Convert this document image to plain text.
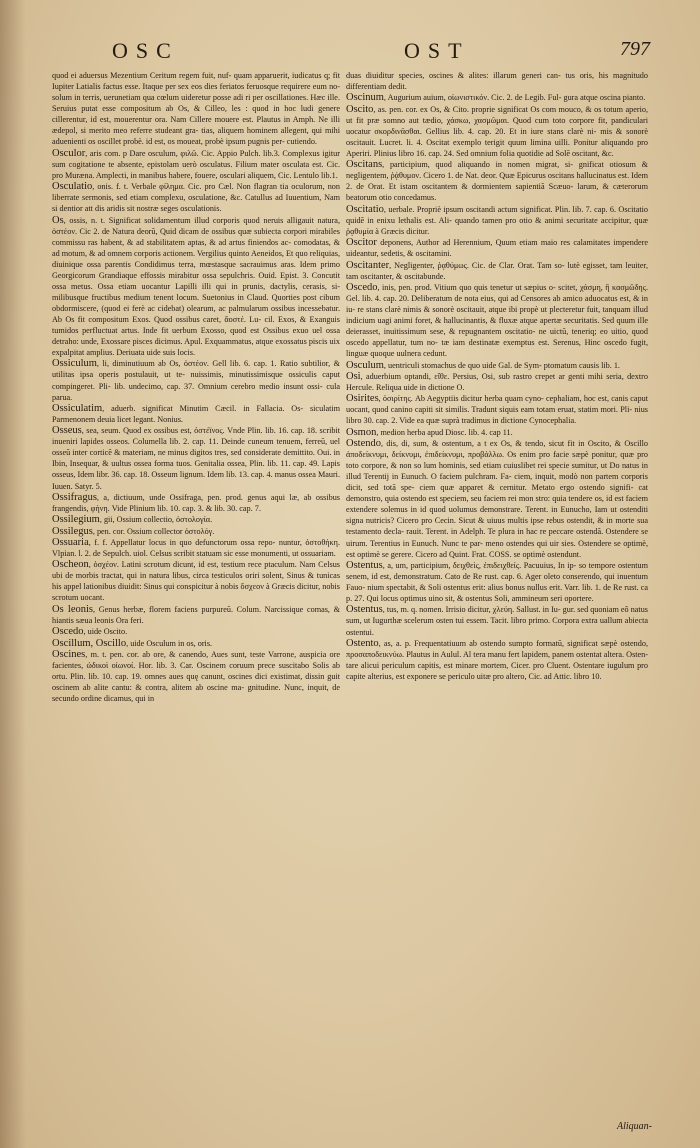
OSC	OST	797

quod ei aduersus Mezentium Ceritum regem fuit, nuf- quam apparuerit, iudicatus q; fit Iupiter Latialis factus esse. Itaque per sex eos dies feriatos feruosque requirere eum no- solum in terris, uerunetiam qua cœlum uideretur posse adi ri per oscillationes. Hæc ille. Seruius putat esse compositum ab Os, & Cilleo, les : quod in hoc ludi genere cillerentur, id est, mouerentur ora. Nam Cillere mouere est. Plautus in Amph. Ne illi ædepol, si merito meo referre studeant gra- tias, aliquem hominem allegent, qui mihi aduenienti os oscillet probè. id est, os moueat, probè ipsum pugnis per- cutiendo.

Osculor, aris com. p Dare osculum, φιλῶ. Cic. Appio Pulch. lib.3. Complexus igitur sum cogitatione te absente, epistolam uerò osculatus. Filium mater osculata est. Cic. pro Muræna. Amplecti, in manibus habere, fouere, osculari aliquem, Cic. Lentulo lib.1.

Osculatio, onis. f. t. Verbale φίλημα. Cic. pro Cæl. Non flagran tia oculorum, non liberrate sermonis, sed etiam complexu, osculatione, &c. Catullus ad Iuuentium, Nam si dentior att dis aridis sit nostræ seges osculationis.

Os, ossis, n. t. Significat solidamentum illud corporis quod neruis alligauit natura, ὀστέον. Cic 2. de Natura deorũ, Quid dicam de ossibus quæ subiecta corpori mirabiles commissu ras habent, & ad stabilitatem aptas, & ad artus finiendos ac- comodatas, & ad motum, & ad omnem corporis actionem. Vergilius quinto Aeneidos, Et quo reliquias, diuinique ossa parentis Condidimus terra, mœstasque sacrauimus aras. Idem primo Georgicorum Grandiaque effossis mirabitur ossa sepulchris. Ouid. Epist. 3. Concutit ossa metus. Ossa etiam uocantur Lapilli illi qui in prunis, dactylis, cerasis, si- milibusque fructibus medium tenent locum. Suetonius in Claud. Quorties post cibum obdormiscere, (quod ei ferè ac cidebat) olearum, ac palmularum ossibus incessebatur. Ab Os fit compositum Exos. Quod ossibus caret, ἄοστέ. Lu- cil. Exos, & Exanguis tumidos perfluctuat artus. Inde fit uerbum Exosso, quod est Ossibus exuo uel ossa detraho: unde, Exossare pisces dicimus. Apul. Exquammatus, atque exossatus piscis uix expalpitat amplius. Deriuata uide suis locis.

Ossiculum, li, diminutiuum ab Os, ὀστέον. Gell lib. 6. cap. 1. Ratio subtilior, & utilitas ipsa operis postulauit, ut te- nuissimis, minutissimisque ossiculis caput compingeret. Pli- lib. undecimo, cap. 37. Omnium cerebro medio insunt ossi- cula parua.

Ossiculatim, aduerb. significat Minutim Cæcil. in Fallacia. Os- siculatim Parmenonem deuia licet legant. Nonius.

Osseus, sea, seum. Quod ex ossibus est, ὀστέϊνος. Vnde Plin. lib. 16. cap. 18. scribit inueniri lapides osseos. Columella lib. 2. cap. 11. Deinde cuneum tenuem, ferreũ, uel osseũ inter corticẽ & materiam, ne minus digitos tres, sed considerate demittito. Oui. in Ibin, Insequar, & uultus ossea forma tuos. Genitalia ossea, Plin. lib. 11. cap. 49. Lapis osseus, Idem libr. 36. cap. 18. Osseum lignum. Idem lib. 13. cap. 4. manus ossea Mauri. Iuuen. Satyr. 5.

Ossifragus, a, dictiuum, unde Ossifraga, pen. prod. genus aqui læ, ab ossibus frangendis, φήνη. Vide Plinium lib. 10. cap. 3. & lib. 30. cap. 7.

Ossilegium, gii, Ossium collectio, ὀστολογία.

Ossilegus, pen. cor. Ossium collector ὀστολόγ.

Ossuaria, f. f. Appellatur locus in quo defunctorum ossa repo- nuntur, ὀστοθήκη. Vlpian. l. 2. de Sepulch. uiol. Celsus scribit statuam sic esse monumenti, ut ossuariam.

Oscheon, ὀσχέον. Latini scrotum dicunt, id est, testium rece ptaculum. Nam Celsus ubi de morbis tractat, qui in natura libus, circa testiculos oriri solent, Sinus & tunicas his appel lationibus diuidit: Sinus qui conspicitur à nobis ὄσχεον à Græcis dicitur, nobis scrotum uocant.

Os leonis, Genus herbæ, florem faciens purpureũ. Colum. Narcissique comas, & hiantis sæua leonis Ora feri.

Oscedo, uide Oscito.

Oscillum, Oscillo, uide Osculum in os, oris.

Oscines, m. t. pen. cor. ab ore, & canendo, Aues sunt, teste Varrone, auspicia ore facientes, ὠδικοὶ οἰωνοί. Hor. lib. 3. Car. Oscinem coruum prece suscitabo Solis ab ortu. Plin. lib. 10. cap. 19. omnes aues quę canunt, oscines dici existimat, dissin guit oscinem ab alite cantu: & contra, alitem ab oscine ma- gnitudine. Nunc, inquit, de secundo ordine dicamus, qui in

duas diuiditur species, oscines & alites: illarum generi can- tus oris, his magnitudo differentiam dedit.

Oscinum, Augurium auium, οἰωνιστικόν. Cic. 2. de Legib. Ful- gura atque oscina pianto.

Oscito, as. pen. cor. ex Os, & Cito. proprie significat Os com mouco, & os totum aperio, ut fit præ somno aut tædio, χάσκω, χασμῶμαι. Quod cum toto corpore fit, pandiculari uocatur σκορδινᾶσθαι. Gellius lib. 4. cap. 20. Et in iure stans clarè ni- mis & sonorè oscitauit. Lucret. li. 4. Oscitat exemplo terigit quum limina uilli. Ponitur aliquando pro Aperiri. Plinius libro 16. cap. 24. Sed omnium folia quotidie ad Solē oscitant, &c.

Oscitans, participium, quod aliquando in nomen migrat, si- gnificat otiosum & negligentem, ῥᾴθυμον. Cicero 1. de Nat. deor. Quæ Epicurus oscitans hallucinatus est. Idem 2. de Orat. Et istam oscitantem & dormientem sapientiã Scæuo- larum, & cæterorum beatorum otio concedamus.

Oscitatio, uerbale. Propriè ipsum oscitandi actum significat. Plin. lib. 7. cap. 6. Oscitatio quidē in enixu lethalis est. Ali- quando tamen pro otio & animi securitate accipitur, quæ ῥᾳθυμία à Græcis dicitur.

Oscitor deponens, Author ad Herennium, Quum etiam maio res calamitates impendere uideantur, sedetis, & oscitamini.

Oscitanter, Negligenter, ῥᾳθύμως. Cic. de Clar. Orat. Tam so- lutè egisset, tam leuiter, tam oscitanter, & oscitabunde.

Oscedo, inis, pen. prod. Vitium quo quis tenetur ut sæpius o- scitet, χάσμη, ἢ κασμῶδης. Gel. lib. 4. cap. 20. Deliberatum de nota eius, qui ad Censores ab amico aduocatus est, & in iu- re stans clarè nimis & sonorè oscitauit, atque ibi propè ut plecteretur fuit, tanquam illud indicium uagi animi foret, & hallucinantis, & fluxæ atque apertæ securitatis. Sed quum ille deierasset, inuitissimum sese, & repugnantem oscitatio- ne uictũ, teneriq; eo uitio, quod oscedo appellatur, tum no- tæ iam destinatæ exemptus est. Serenus, Hinc oscedo fugit, linguæ quoque uulnera cedunt.

Osculum, uentriculi stomachus de quo uide Gal. de Sym- ptomatum causis lib. 1.

Osi, aduerbium optandi, εἴθε. Persius, Osi, sub rastro crepet ar genti mihi seria, dextro Hercule. Reliqua uide in dictione O.

Osirites, ὀσιρίτης. Ab Aegyptiis dicitur herba quam cyno- cephaliam, hoc est, canis caput uocant, quod canino capiti sit similis. Tradunt siquis eam totam eruat, statim mori. Pli- nius libro 30. cap. 2. Vide ea quæ suprà tradimus in dictione Cynocephalia.

Osmon, medion herba apud Diosc. lib. 4. cap 11.

Ostendo, dis, di, sum, & ostentum, a t ex Os, & tendo, sicut fit in Oscito, & Oscillo ἀποδείκνυμι, δείκνυμι, ἐπιδείκνυμι, προβάλλω. Os enim pro facie sæpè ponitur, quæ pro toto corpore, & non so lum hominis, sed etiam cuiuslibet rei specie sumitur, ut Do natus in illud Terentij in Eunuch. O faciem pulchram. Fa- ciem, inquit, modò non partem corporis dicit, sed totā spe- ciem quæ apparet & cernitur. Metato ergo ostendo signifi- cat demonstro, quia ostendo est speciem, seu faciem rei mon stro: quia tendere os, id est faciem extendere solemus in id quod uolumus demonstrare. Terent. in Eunucho, Iam ut ostenditi signa nutricis? Cicero pro Cecin. Sicut & uiuus multis ipse rebus ostendit, & in morte sua testamento decla- rauit. Terent. in Adelph. Te plura in hac re peccare ostendã. Ostendere se uirum. Terentius in Eunuch. Nunc te par- meno ostendes qui uir sies. Ostendere se optimè, est optimè se gerere. Cicero ad Quint. Frat. COSS. se optimè ostendunt.

Ostentus, a, um, participium, δειχθεὶς, ἐπιδειχθείς. Pacuuius, In ip- so tempore ostentum senem, id est, demonstratum. Cato de Re rust. cap. 6. Ager oleto conserendo, qui inuentum Fauo- nium spectabit, & Soli ostentus erit: alius bonus nullus erit. Varr. lib. 1. de Re rust. ca p. 27. Qui locus optimus uino sit, & ostentus Soli, ammineum seri oportere.

Ostentus, tus, m. q. nomen. Irrisio dicitur, χλεύη. Sallust. in Iu- gur. sed quoniam eô natus sum, ut Iugurthæ scelerum osten tui essem. Tacit. libro primo. Corpora extra uallum abiecta ostentui.

Ostento, as, a. p. Frequentatiuum ab ostendo sumpto formatū, significat sæpè ostendo, προσαποδεικνύω. Plautus in Aulul. Al tera manu fert lapidem, panem ostentat altera. Osten- tare alicui periculum capitis, est minare mortem, Cicer. pro Cluent. Ostentare iugulum pro capite alterius, est exponere se periculo uitæ pro altero, Cic. ad Attic. libro 10.

Aliquan-
